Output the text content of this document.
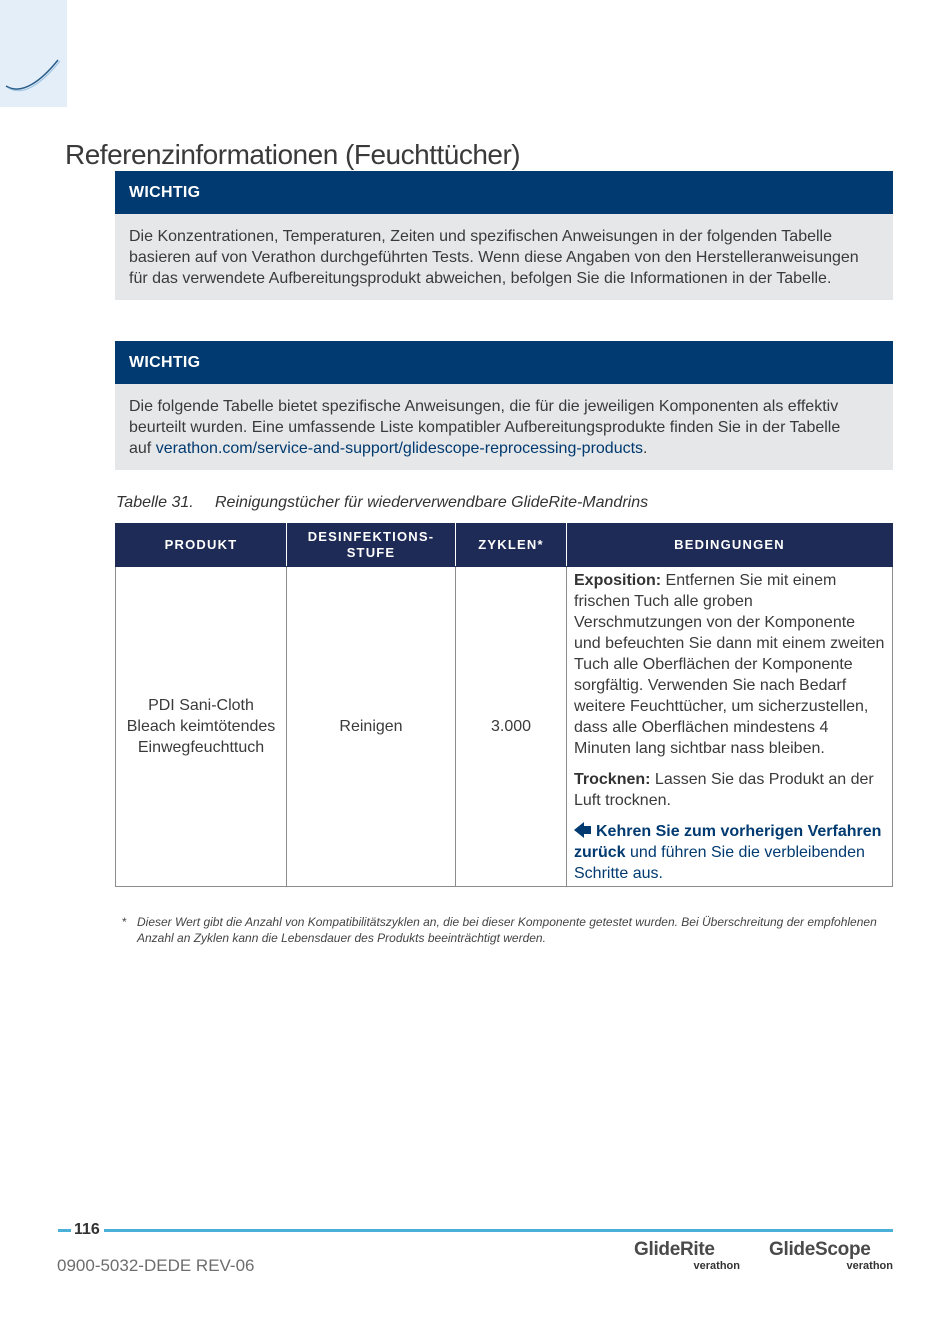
Referenzinformationen (Feuchttücher)
WICHTIG
Die Konzentrationen, Temperaturen, Zeiten und spezifischen Anweisungen in der folgenden Tabelle basieren auf von Verathon durchgeführten Tests. Wenn diese Angaben von den Herstelleranweisungen für das verwendete Aufbereitungsprodukt abweichen, befolgen Sie die Informationen in der Tabelle.
WICHTIG
Die folgende Tabelle bietet spezifische Anweisungen, die für die jeweiligen Komponenten als effektiv beurteilt wurden. Eine umfassende Liste kompatibler Aufbereitungsprodukte finden Sie in der Tabelle auf verathon.com/service-and-support/glidescope-reprocessing-products.
Tabelle 31. Reinigungstücher für wiederverwendbare GlideRite-Mandrins
PRODUKT	DESINFEKTIONS-STUFE	ZYKLEN*	BEDINGUNGEN
PDI Sani-Cloth Bleach keimtötendes Einwegfeuchttuch	Reinigen	3.000	Exposition: Entfernen Sie mit einem frischen Tuch alle groben Verschmutzungen von der Komponente und befeuchten Sie dann mit einem zweiten Tuch alle Oberflächen der Komponente sorgfältig. Verwenden Sie nach Bedarf weitere Feuchttücher, um sicherzustellen, dass alle Oberflächen mindestens 4 Minuten lang sichtbar nass bleiben.

Trocknen: Lassen Sie das Produkt an der Luft trocknen.

Kehren Sie zum vorherigen Verfahren zurück und führen Sie die verbleibenden Schritte aus.

* Dieser Wert gibt die Anzahl von Kompatibilitätszyklen an, die bei dieser Komponente getestet wurden. Bei Überschreitung der empfohlenen Anzahl an Zyklen kann die Lebensdauer des Produkts beeinträchtigt werden.
116
0900-5032-DEDE REV-06
GlideRite
verathon
GlideScope
verathon
